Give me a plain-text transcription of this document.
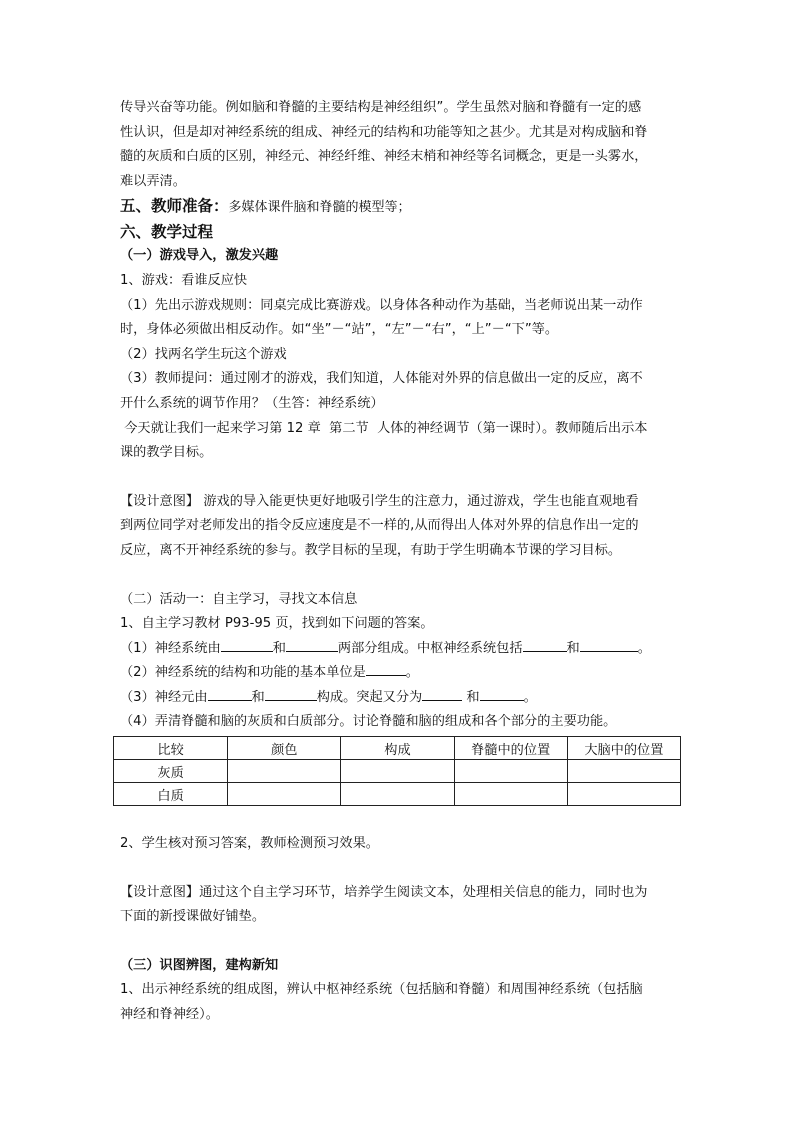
传导兴奋等功能。例如脑和脊髓的主要结构是神经组织”。学生虽然对脑和脊髓有一定的感

性认识，但是却对神经系统的组成、神经元的结构和功能等知之甚少。尤其是对构成脑和脊

髓的灰质和白质的区别，神经元、神经纤维、神经末梢和神经等名词概念，更是一头雾水，

难以弄清。

五、教师准备：多媒体课件脑和脊髓的模型等；

六、教学过程

（一）游戏导入，激发兴趣

1、游戏：看谁反应快

（1）先出示游戏规则：同桌完成比赛游戏。以身体各种动作为基础，当老师说出某一动作

时，身体必须做出相反动作。如“坐”－“站”，“左”－“右”，“上”－“下”等。

（2）找两名学生玩这个游戏

（3）教师提问：通过刚才的游戏，我们知道，人体能对外界的信息做出一定的反应，离不

开什么系统的调节作用？（生答：神经系统）

今天就让我们一起来学习第 12 章  第二节  人体的神经调节（第一课时）。教师随后出示本

课的教学目标。

【设计意图】 游戏的导入能更快更好地吸引学生的注意力，通过游戏，学生也能直观地看

到两位同学对老师发出的指令反应速度是不一样的,从而得出人体对外界的信息作出一定的

反应，离不开神经系统的参与。教学目标的呈现，有助于学生明确本节课的学习目标。

（二）活动一：自主学习，寻找文本信息

1、自主学习教材 P93-95 页，找到如下问题的答案。

（1）神经系统由	和	两部分组成。中枢神经系统包括	和	。

（2）神经系统的结构和功能的基本单位是	。

（3）神经元由	和	构成。突起又分为	和	。

（4）弄清脊髓和脑的灰质和白质部分。讨论脊髓和脑的组成和各个部分的主要功能。

比较	颜色	构成	脊髓中的位置	大脑中的位置
灰质				
白质				

2、学生核对预习答案，教师检测预习效果。

【设计意图】通过这个自主学习环节，培养学生阅读文本，处理相关信息的能力，同时也为

下面的新授课做好铺垫。

（三）识图辨图，建构新知

1、出示神经系统的组成图，辨认中枢神经系统（包括脑和脊髓）和周围神经系统（包括脑

神经和脊神经）。
